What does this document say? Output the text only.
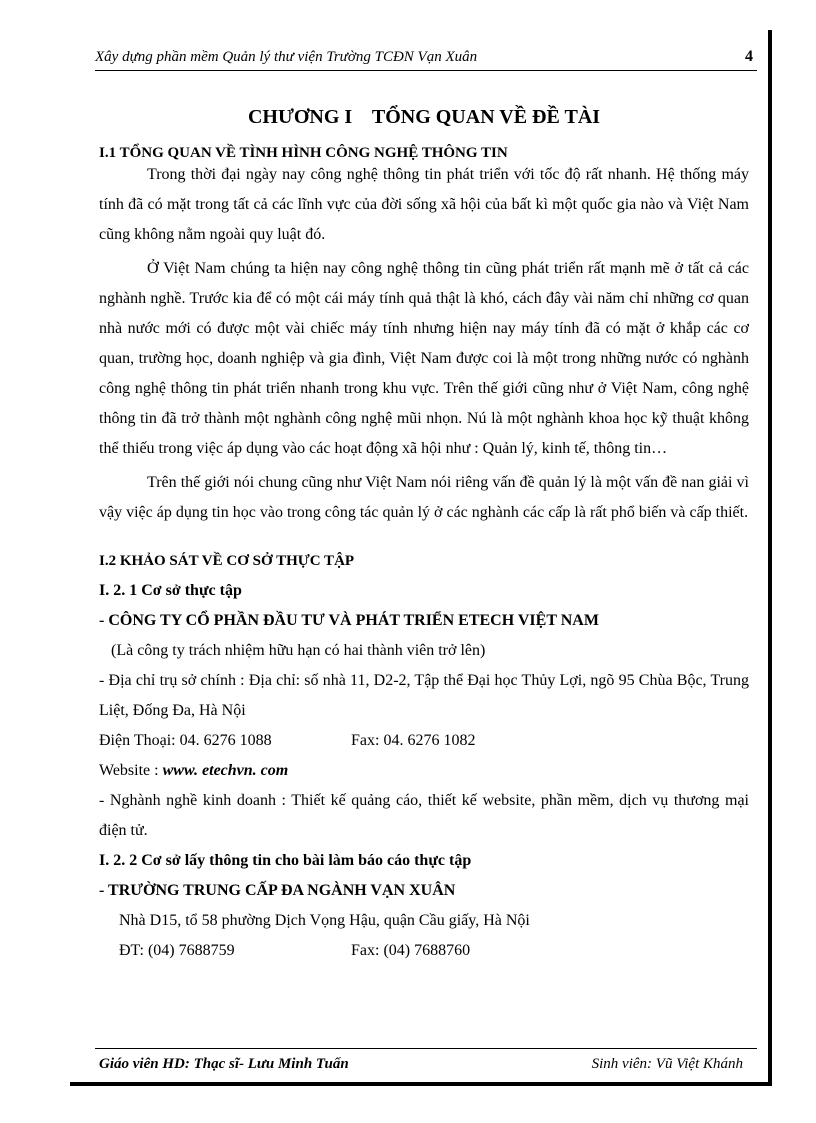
Xây dựng phần mềm Quản lý thư viện Trường TCĐN Vạn Xuân	4
CHƯƠNG I    TỔNG QUAN VỀ ĐỀ TÀI
I.1 TỔNG QUAN VỀ TÌNH HÌNH CÔNG NGHỆ THÔNG TIN

Trong thời đại ngày nay công nghệ thông tin phát triển với tốc độ rất nhanh. Hệ thống máy tính đã có mặt trong tất cả các lĩnh vực của đời sống xã hội của bất kì một quốc gia nào và Việt Nam cũng không nằm ngoài quy luật đó.

Ở Việt Nam chúng ta hiện nay công nghệ thông tin cũng phát triển rất mạnh mẽ ở tất cả các nghành nghề. Trước kia để có một cái máy tính quả thật là khó, cách đây vài năm chỉ những cơ quan nhà nước mới có được một vài chiếc máy tính nhưng hiện nay máy tính đã có mặt ở khắp các cơ quan, trường học, doanh nghiệp và gia đình, Việt Nam được coi là một trong những nước có nghành công nghệ thông tin phát triển nhanh trong khu vực. Trên thế giới cũng như ở Việt Nam, công nghệ thông tin đã trở thành một nghành công nghệ mũi nhọn. Nú là một nghành khoa học kỹ thuật không thể thiếu trong việc áp dụng vào các hoạt động xã hội như : Quản lý, kinh tế, thông tin…

Trên thế giới nói chung cũng như Việt Nam nói riêng vấn đề quản lý là một vấn đề nan giải vì vậy việc áp dụng tin học vào trong công tác quản lý ở các nghành các cấp là rất phổ biến và cấp thiết.

I.2 KHẢO SÁT VỀ CƠ SỞ THỰC TẬP
I. 2. 1 Cơ sở thực tập
- CÔNG TY CỔ PHẦN ĐẦU TƯ VÀ PHÁT TRIỂN ETECH VIỆT NAM
(Là công ty trách nhiệm hữu hạn có hai thành viên trở lên)

- Địa chỉ trụ sở chính : Địa chỉ: số nhà 11, D2-2, Tập thể Đại học Thủy Lợi, ngõ 95 Chùa Bộc, Trung Liệt, Đống Đa, Hà Nội

Điện Thoại: 04. 6276 1088	Fax: 04. 6276 1082
Website : www. etechvn. com

- Nghành nghề kinh doanh : Thiết kế quảng cáo, thiết kế website, phần mềm, dịch vụ thương mại điện tử.

I. 2. 2 Cơ sở lấy thông tin cho bài làm báo cáo thực tập
- TRƯỜNG TRUNG CẤP ĐA NGÀNH VẠN XUÂN
Nhà D15, tổ 58 phường Dịch Vọng Hậu, quận Cầu giấy, Hà Nội
ĐT: (04) 7688759	Fax: (04) 7688760
Giáo viên HD: Thạc sĩ- Lưu Minh Tuấn	Sinh viên: Vũ Việt Khánh
